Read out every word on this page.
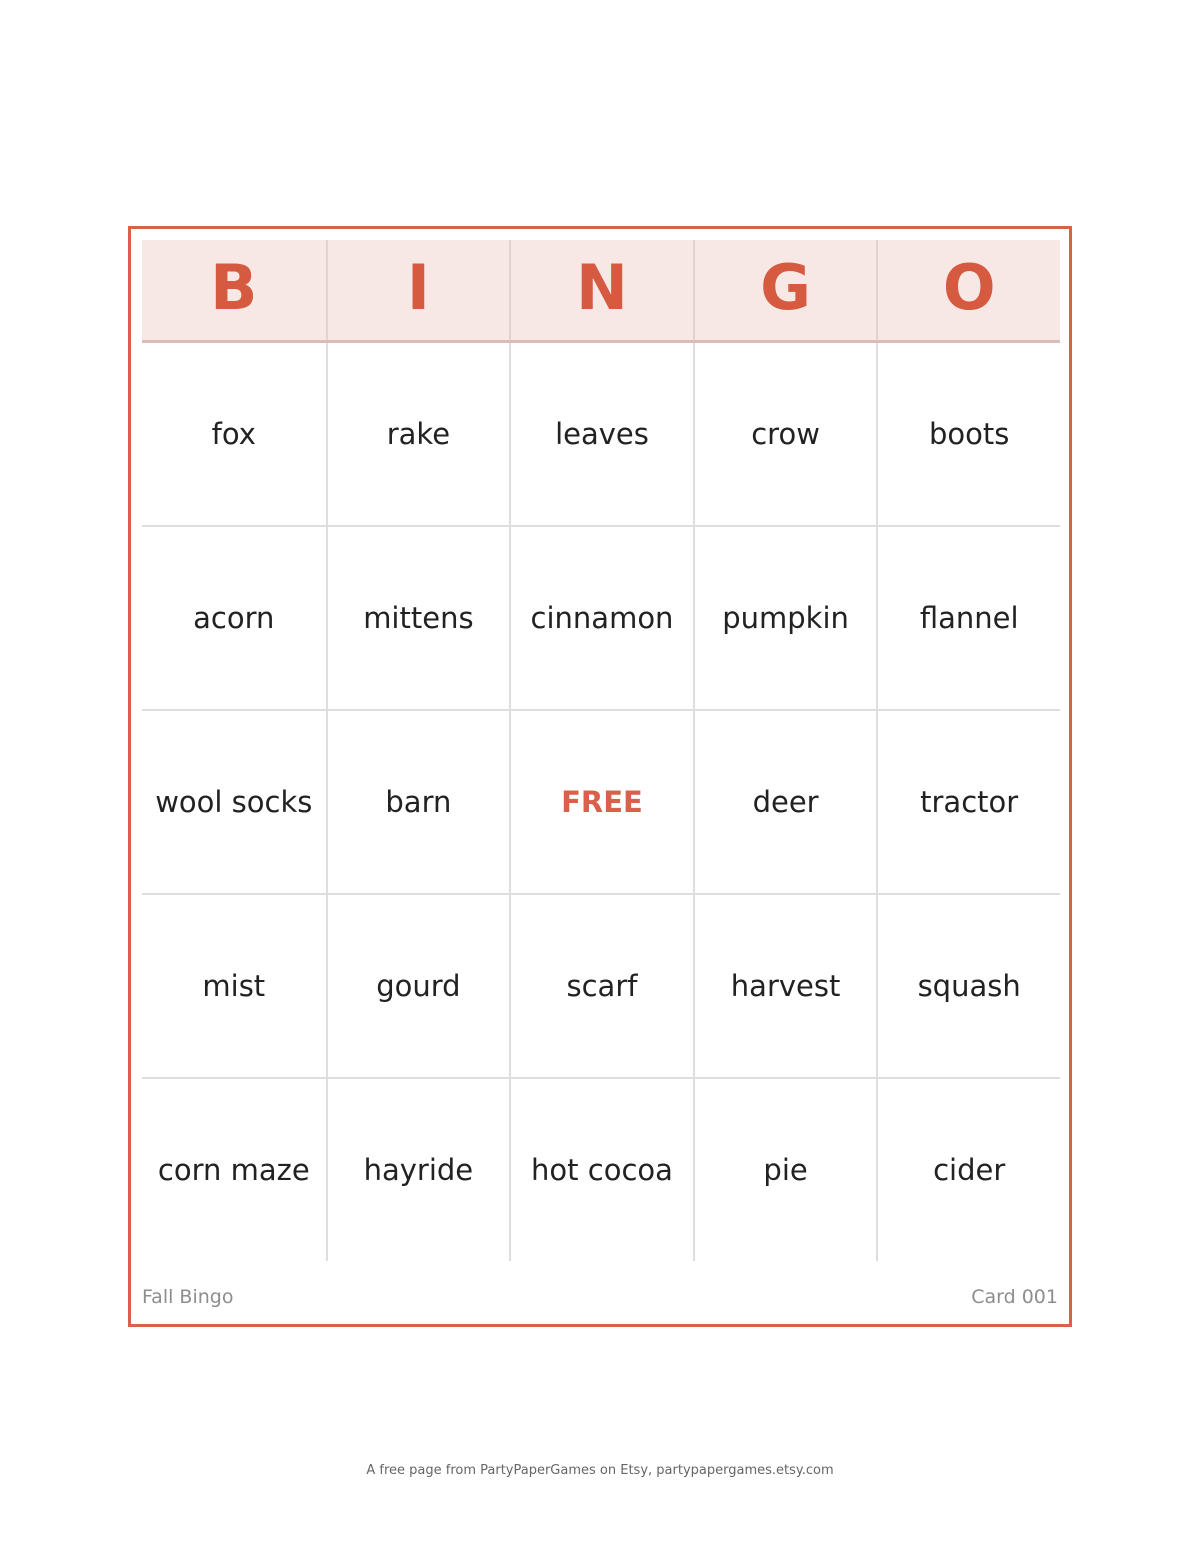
B	I	N	G	O
fox	rake	leaves	crow	boots
acorn	mittens	cinnamon	pumpkin	flannel
wool socks	barn	FREE	deer	tractor
mist	gourd	scarf	harvest	squash
corn maze	hayride	hot cocoa	pie	cider
Fall Bingo	Card 001
A free page from PartyPaperGames on Etsy, partypapergames.etsy.com
